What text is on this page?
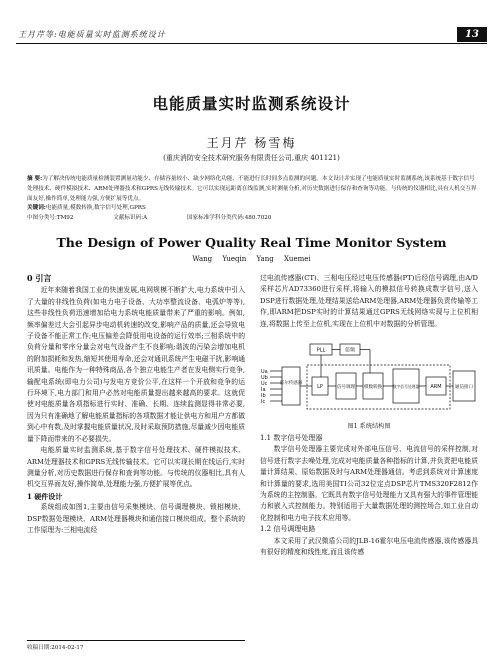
王月芹等:电能质量实时监测系统设计	13
电能质量实时监测系统设计
王月芹 杨雪梅
(重庆消防安全技术研究服务有限责任公司,重庆 401121)
摘 要:为了解决传统电能质量检测装置测量功能少、存储容量较小、缺少网络化功能、不能进行长时间多点监测的问题。本文设计并实现了电能质量实时监测系统,该系统基于数字信号处理技术、硬件模拟技术、ARM处理器技术和GPRS无线传输技术。它可以实现远距离在线监测,实时测量分析,对历史数据进行保存和查询等功能。与传统的仪器相比,具有人机交互界面友好,操作简单,处理能力强,方便扩展等优点。
关键词:电能质量,模数转换,数字信号处理,GPRS
中图分类号:TM92	文献标识码:A	国家标准学科分类代码:480.7020
The Design of Power Quality Real Time Monitor System
Wang Yueqin Yang Xuemei
0 引言

近年来随着我国工业的快速发展,电网规模不断扩大,电力系统中引入了大量的非线性负荷(如电力电子设备、大功率整流设备、电弧炉等等),这些非线性负荷迅速增加给电力系统电能质量带来了严重的影响。例如,频率偏差过大会引起异步电动机转速的改变,影响产品的质量,还会导致电子设备不能正常工作;电压偏差会降低用电设备的运行效率;三相系统中的负荷分量和零序分量会对电气设备产生不良影响;谐波的污染会增加电机的附加损耗和发热,缩短其使用寿命,还会对通讯系统产生电磁干扰,影响通讯质量。电能作为一种特殊商品,各个独立电能生产者在发电侧实行竞争,输配电系统(即电力公司)与发电方竞价公平,在这样一个开放和竞争的运行环境下,电力部门和用户必然对电能质量提出越来越高的要求。这就促使对电能质量各项指标进行实时、准确、长期、连续监测显得非常必要,因为只有准确地了解电能质量指标的各项数据才能让供电方和用户方都做到心中有数,及时掌握电能质量状况,及时采取预防措施,尽量减少因电能质量下降而带来的不必要损失。

电能质量实时监测系统,基于数字信号处理技术、硬件模拟技术、ARM处理器技术和GPRS无线传输技术。它可以实现长期在线运行,实时测量分析,对历史数据进行保存和查询等功能。与传统的仪器相比,具有人机交互界面友好,操作简单,处理能力强,方便扩展等优点。

1 硬件设计

系统组成如图1,主要由信号采集模块、信号调理模块、锁相模块、DSP数据处理模块、ARM处理器模块和通信接口模块组成。整个系统的工作原理为:三相电流经

过电流传感器(CT)、三相电压经过电压传感器(PT)后经信号调理,由A/D采样芯片AD73360进行采样,将输入的模拟信号转换成数字信号,送入DSP进行数据处理,处理结果送给ARM处理器,ARM处理器负责传输等工作,即ARM把DSP实时的计算结果通过GPRS无线网络实现与上位机相连,将数据上传至上位机,实现在上位机中对数据的分析管理。

Ua
Ub
Uc
Ia
Ib
Ic
PLL	倍频
霍尔传感器
LP	信号调理 模数转换	数字信号处理器 ARM	通信接口
图1 系统结构图
1.1 数字信号处理器

数字信号处理器主要完成对外部电压信号、电流信号的采样控制,对信号进行数字去噪处理,完成对电能质量各种指标的计算,并负责把电能质量计算结果、原始数据及时与ARM处理器通信。考虑到系统对计算速度和计算量的要求,选用美国TI公司32位定点DSP芯片TMS320F2812作为系统的主控制器。它既具有数字信号处理能力又具有强大的事件管理能力和嵌入式控制能力。特别适用于大量数据处理的测控场合,如工业自动化控制和电力电子技术应用等。

1.2 信号调理电路

本文采用了武汉微盾公司的JLB-16霍尔电压电流传感器,该传感器具有很好的精度和线性度,而且该传感

收稿日期:2014-02-17
